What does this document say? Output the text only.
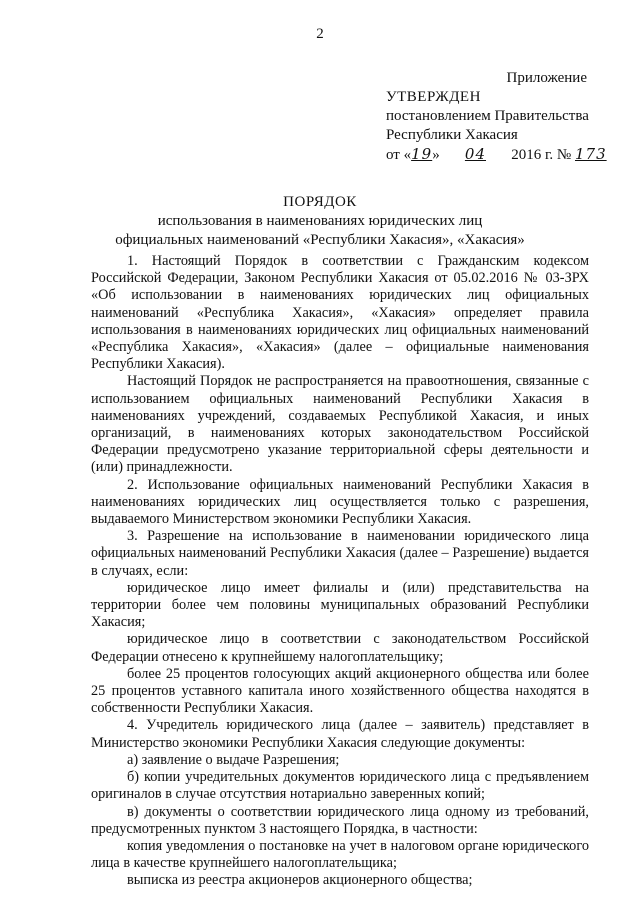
2
Приложение
УТВЕРЖДЕН
постановлением Правительства
Республики Хакасия
от «19» 04 2016 г. № 173
ПОРЯДОК
использования в наименованиях юридических лиц
официальных наименований «Республики Хакасия», «Хакасия»

1. Настоящий Порядок в соответствии с Гражданским кодексом Российской Федерации, Законом Республики Хакасия от 05.02.2016 № 03-ЗРХ «Об использовании в наименованиях юридических лиц официальных наименований «Республика Хакасия», «Хакасия» определяет правила использования в наименованиях юридических лиц официальных наименований «Республика Хакасия», «Хакасия» (далее – официальные наименования Республики Хакасия).

Настоящий Порядок не распространяется на правоотношения, связанные с использованием официальных наименований Республики Хакасия в наименованиях учреждений, создаваемых Республикой Хакасия, и иных организаций, в наименованиях которых законодательством Российской Федерации предусмотрено указание территориальной сферы деятельности и (или) принадлежности.

2. Использование официальных наименований Республики Хакасия в наименованиях юридических лиц осуществляется только с разрешения, выдаваемого Министерством экономики Республики Хакасия.

3. Разрешение на использование в наименовании юридического лица официальных наименований Республики Хакасия (далее – Разрешение) выдается в случаях, если:

юридическое лицо имеет филиалы и (или) представительства на территории более чем половины муниципальных образований Республики Хакасия;

юридическое лицо в соответствии с законодательством Российской Федерации отнесено к крупнейшему налогоплательщику;

более 25 процентов голосующих акций акционерного общества или более 25 процентов уставного капитала иного хозяйственного общества находятся в собственности Республики Хакасия.

4. Учредитель юридического лица (далее – заявитель) представляет в Министерство экономики Республики Хакасия следующие документы:

а) заявление о выдаче Разрешения;

б) копии учредительных документов юридического лица с предъявлением оригиналов в случае отсутствия нотариально заверенных копий;

в) документы о соответствии юридического лица одному из требований, предусмотренных пунктом 3 настоящего Порядка, в частности:

копия уведомления о постановке на учет в налоговом органе юридического лица в качестве крупнейшего налогоплательщика;

выписка из реестра акционеров акционерного общества;
